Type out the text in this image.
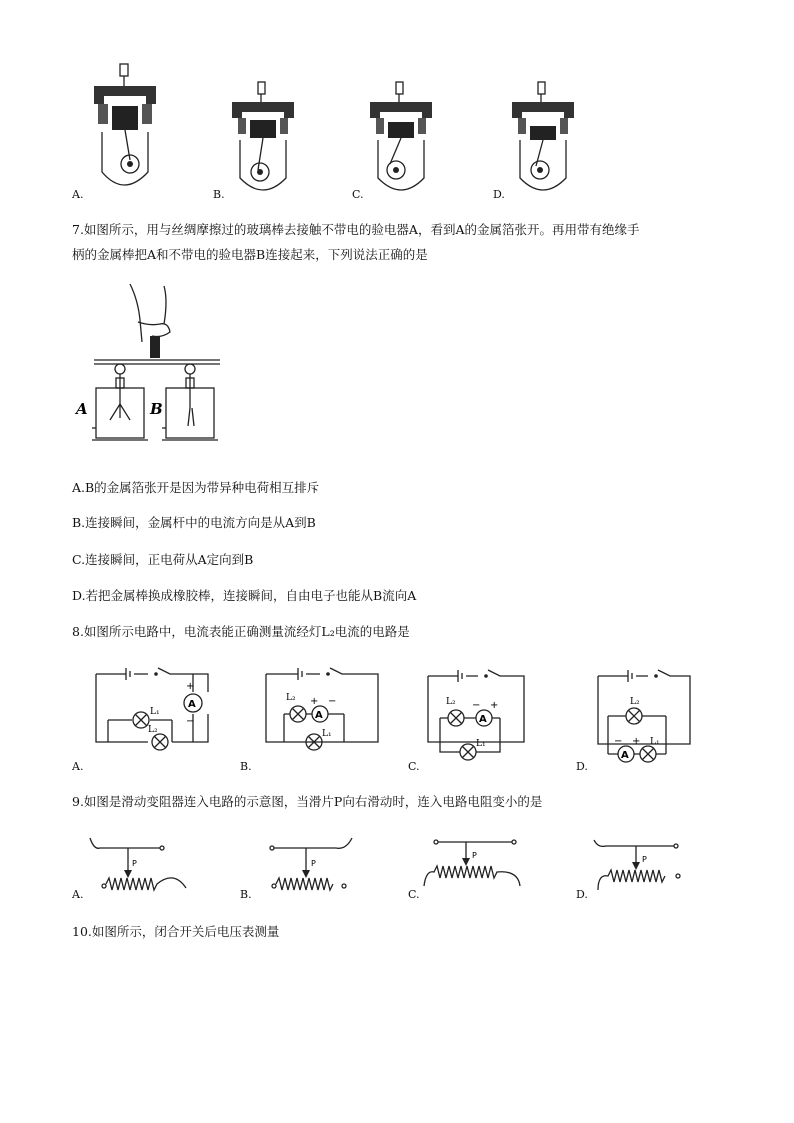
A.	B.	C.	D.
7.如图所示，用与丝绸摩擦过的玻璃棒去接触不带电的验电器A，看到A的金属箔张开。再用带有绝缘手
柄的金属棒把A和不带电的验电器B连接起来，下列说法正确的是
A	B
A.B的金属箔张开是因为带异种电荷相互排斥
B.连接瞬间，金属杆中的电流方向是从A到B
C.连接瞬间，正电荷从A定向到B
D.若把金属棒换成橡胶棒，连接瞬间，自由电子也能从B流向A
8.如图所示电路中，电流表能正确测量流经灯L₂电流的电路是
A
+
−
L₁
L₂
A.
A
+ −
L₂
L₁
B.
A
− +
L₂
L₁
C.
A
− +
L₂
L₁
D.
9.如图是滑动变阻器连入电路的示意图，当滑片P向右滑动时，连入电路电阻变小的是
P
A.
P
B.
P
C.
P
D.
10.如图所示，闭合开关后电压表测量
